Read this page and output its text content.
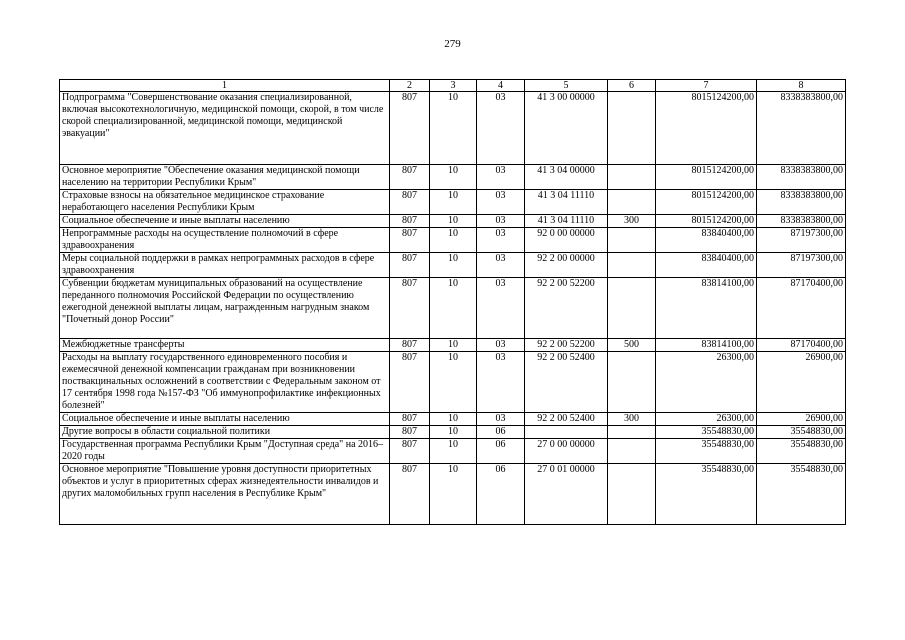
279
1	2	3	4	5	6	7	8
Подпрограмма "Совершенствование оказания специализированной, включая высокотехнологичную, медицинской помощи, скорой, в том числе скорой специализированной, медицинской помощи, медицинской эвакуации"	807	10	03	41 3 00 00000		8015124200,00	8338383800,00
Основное мероприятие "Обеспечение оказания медицинской помощи населению на территории Республики Крым"	807	10	03	41 3 04 00000		8015124200,00	8338383800,00
Страховые взносы на обязательное медицинское страхование неработающего населения Республики Крым	807	10	03	41 3 04 11110		8015124200,00	8338383800,00
Социальное обеспечение и иные выплаты населению	807	10	03	41 3 04 11110	300	8015124200,00	8338383800,00
Непрограммные расходы на осуществление полномочий в сфере здравоохранения	807	10	03	92 0 00 00000		83840400,00	87197300,00
Меры социальной поддержки в рамках непрограммных расходов в сфере здравоохранения	807	10	03	92 2 00 00000		83840400,00	87197300,00
Субвенции бюджетам муниципальных образований на осуществление переданного полномочия Российской Федерации по осуществлению ежегодной денежной выплаты лицам, награжденным нагрудным знаком "Почетный донор России"	807	10	03	92 2 00 52200		83814100,00	87170400,00
Межбюджетные трансферты	807	10	03	92 2 00 52200	500	83814100,00	87170400,00
Расходы на выплату государственного единовременного пособия и ежемесячной денежной компенсации гражданам при возникновении поствакцинальных осложнений в соответствии с Федеральным законом от 17 сентября 1998 года №157-ФЗ "Об иммунопрофилактике инфекционных болезней"	807	10	03	92 2 00 52400		26300,00	26900,00
Социальное обеспечение и иные выплаты населению	807	10	03	92 2 00 52400	300	26300,00	26900,00
Другие вопросы в области социальной политики	807	10	06			35548830,00	35548830,00
Государственная программа Республики Крым "Доступная среда" на 2016–2020 годы	807	10	06	27 0 00 00000		35548830,00	35548830,00
Основное мероприятие "Повышение уровня доступности приоритетных объектов и услуг в приоритетных сферах жизнедеятельности инвалидов и других маломобильных групп населения в Республике Крым"	807	10	06	27 0 01 00000		35548830,00	35548830,00
